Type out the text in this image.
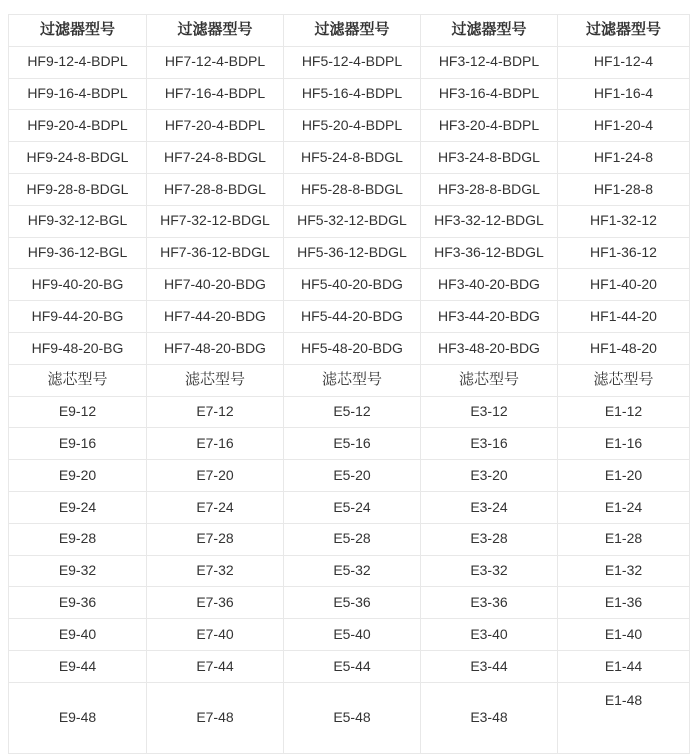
过滤器型号	过滤器型号	过滤器型号	过滤器型号	过滤器型号
HF9-12-4-BDPL	HF7-12-4-BDPL	HF5-12-4-BDPL	HF3-12-4-BDPL	HF1-12-4
HF9-16-4-BDPL	HF7-16-4-BDPL	HF5-16-4-BDPL	HF3-16-4-BDPL	HF1-16-4
HF9-20-4-BDPL	HF7-20-4-BDPL	HF5-20-4-BDPL	HF3-20-4-BDPL	HF1-20-4
HF9-24-8-BDGL	HF7-24-8-BDGL	HF5-24-8-BDGL	HF3-24-8-BDGL	HF1-24-8
HF9-28-8-BDGL	HF7-28-8-BDGL	HF5-28-8-BDGL	HF3-28-8-BDGL	HF1-28-8
HF9-32-12-BGL	HF7-32-12-BDGL	HF5-32-12-BDGL	HF3-32-12-BDGL	HF1-32-12
HF9-36-12-BGL	HF7-36-12-BDGL	HF5-36-12-BDGL	HF3-36-12-BDGL	HF1-36-12
HF9-40-20-BG	HF7-40-20-BDG	HF5-40-20-BDG	HF3-40-20-BDG	HF1-40-20
HF9-44-20-BG	HF7-44-20-BDG	HF5-44-20-BDG	HF3-44-20-BDG	HF1-44-20
HF9-48-20-BG	HF7-48-20-BDG	HF5-48-20-BDG	HF3-48-20-BDG	HF1-48-20
滤芯型号	滤芯型号	滤芯型号	滤芯型号	滤芯型号
E9-12	E7-12	E5-12	E3-12	E1-12
E9-16	E7-16	E5-16	E3-16	E1-16
E9-20	E7-20	E5-20	E3-20	E1-20
E9-24	E7-24	E5-24	E3-24	E1-24
E9-28	E7-28	E5-28	E3-28	E1-28
E9-32	E7-32	E5-32	E3-32	E1-32
E9-36	E7-36	E5-36	E3-36	E1-36
E9-40	E7-40	E5-40	E3-40	E1-40
E9-44	E7-44	E5-44	E3-44	E1-44
E9-48	E7-48	E5-48	E3-48	E1-48
